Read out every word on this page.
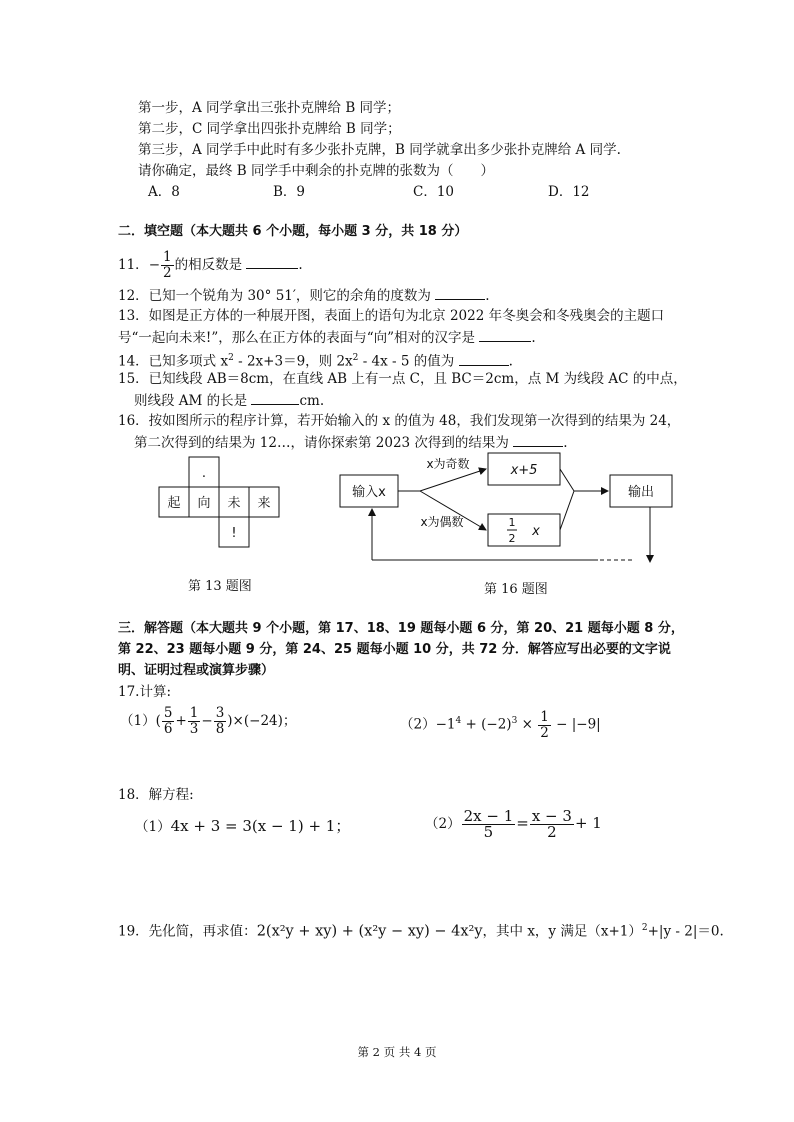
第一步，A 同学拿出三张扑克牌给 B 同学；
第二步，C 同学拿出四张扑克牌给 B 同学；
第三步，A 同学手中此时有多少张扑克牌，B 同学就拿出多少张扑克牌给 A 同学.
请你确定，最终 B 同学手中剩余的扑克牌的张数为（　　）
A．8	B．9	C．10	D．12
二．填空题（本大题共 6 个小题，每小题 3 分，共 18 分）
11．− $\frac{1}{2}$ 的相反数是	.
12．已知一个锐角为 30° 51′，则它的余角的度数为	.
13．如图是正方体的一种展开图，表面上的语句为北京 2022 年冬奥会和冬残奥会的主题口
号“一起向未来!”，那么在正方体的表面与“向”相对的汉字是	.
14．已知多项式 $x^2 - 2x+3=9$，则 $2x^2 - 4x - 5$ 的值为	.
15．已知线段 AB＝8cm，在直线 AB 上有一点 C，且 BC＝2cm，点 M 为线段 AC 的中点，
则线段 AM 的长是	cm.
16．按如图所示的程序计算，若开始输入的 x 的值为 48，我们发现第一次得到的结果为 24，
第二次得到的结果为 12…，请你探索第 2023 次得到的结果为	.
.
起 向 未 来
!
第 13 题图
输入x
x为奇数
x为偶数
x+5
1
2 x
输出
第 16 题图
三．解答题（本大题共 9 个小题，第 17、18、19 题每小题 6 分，第 20、21 题每小题 8 分，
第 22、23 题每小题 9 分，第 24、25 题每小题 10 分，共 72 分．解答应写出必要的文字说
明、证明过程或演算步骤）
17.计算:
$(1)( \frac{5}{6} + \frac{1}{3} - \frac{3}{8} )\times(-24)$；	$(2)-1^4 + (-2)^3 \times \frac{1}{2} - |-9|$
18．解方程:
（1）4x + 3 = 3(x − 1) + 1；	$(2) \frac{2x - 1}{5} = \frac{x - 3}{2} + 1$
19．先化简，再求值：2(x²y + xy) + (x²y − xy) − 4x²y，其中 x，y 满足$(x+1)^2+|y - 2|=0$.
第 2 页 共 4 页
